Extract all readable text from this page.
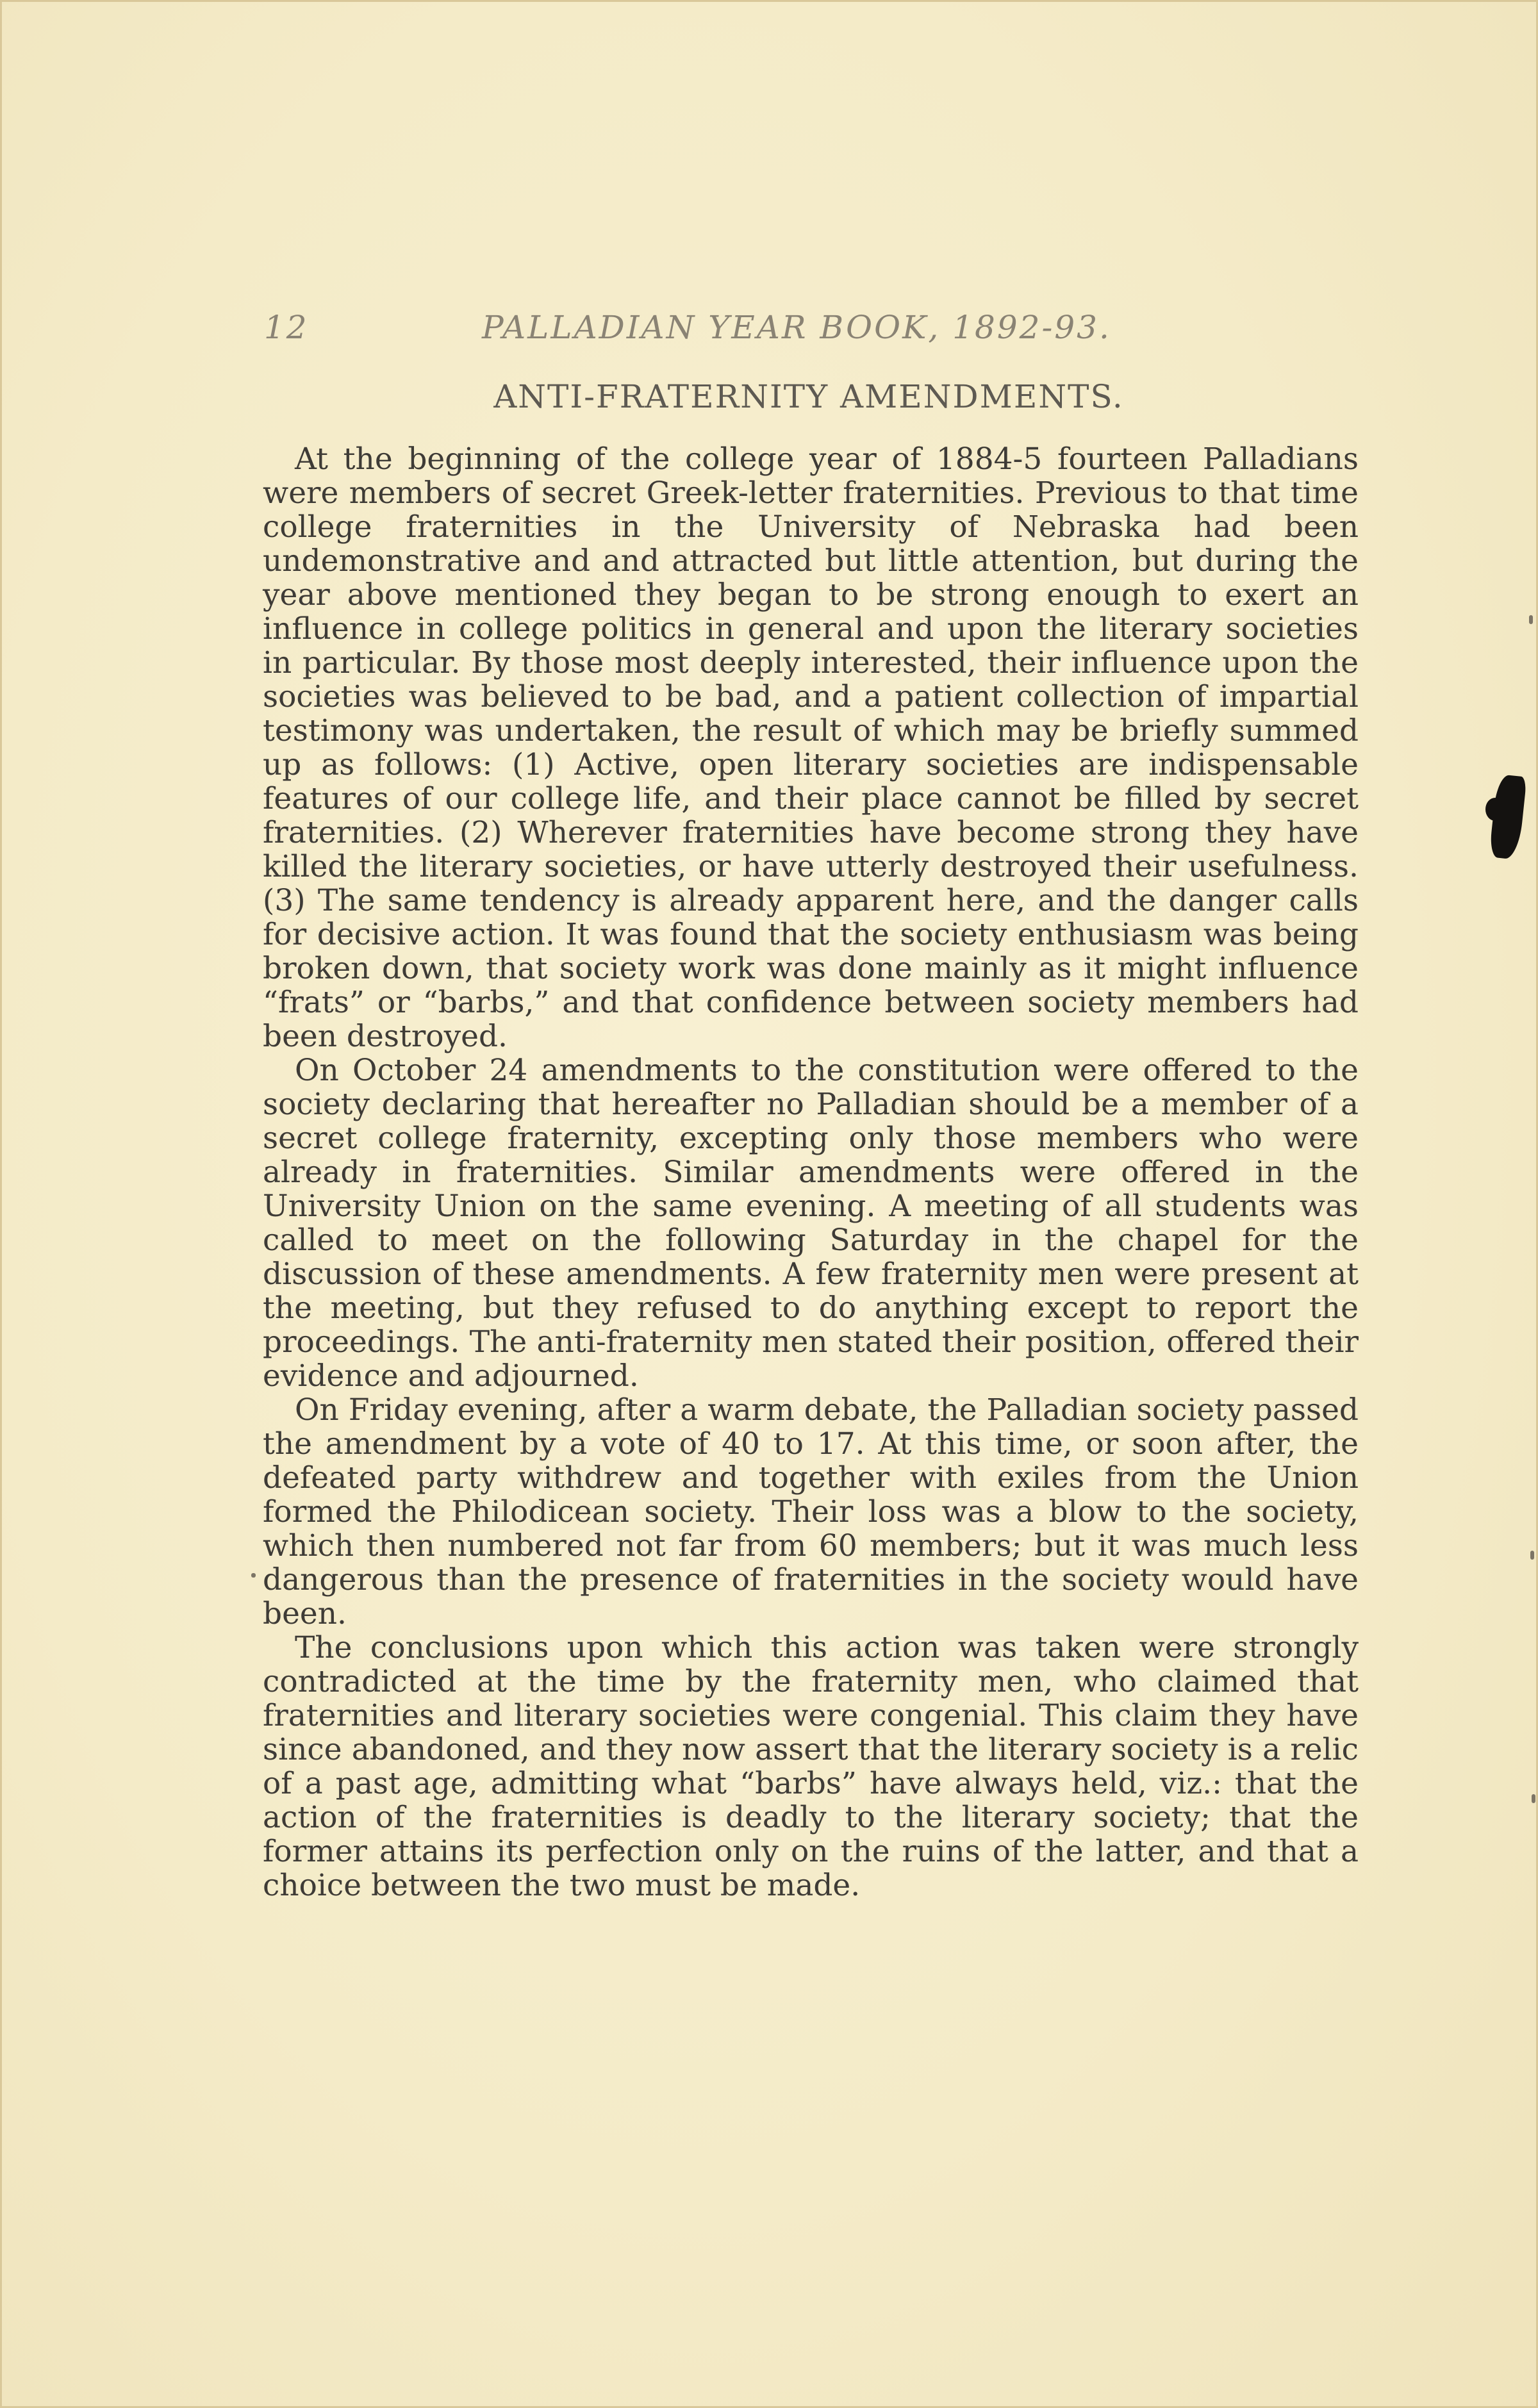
12	PALLADIAN YEAR BOOK, 1892-93.
ANTI-FRATERNITY AMENDMENTS.

At the beginning of the college year of 1884-5 fourteen Palladians were members of secret Greek-letter fraternities. Previous to that time college fraternities in the University of Nebraska had been undemonstrative and and attracted but little attention, but during the year above mentioned they began to be strong enough to exert an influence in college politics in general and upon the literary societies in particular. By those most deeply interested, their influence upon the societies was believed to be bad, and a patient collection of impartial testimony was undertaken, the result of which may be briefly summed up as follows: (1) Active, open literary societies are indispensable features of our college life, and their place cannot be filled by secret fraternities. (2) Wherever fraternities have become strong they have killed the literary societies, or have utterly destroyed their usefulness. (3) The same tendency is already apparent here, and the danger calls for decisive action. It was found that the society enthusiasm was being broken down, that society work was done mainly as it might influence “frats” or “barbs,” and that confidence between society members had been destroyed.

On October 24 amendments to the constitution were offered to the society declaring that hereafter no Palladian should be a member of a secret college fraternity, excepting only those members who were already in fraternities. Similar amendments were offered in the University Union on the same evening. A meeting of all students was called to meet on the following Saturday in the chapel for the discussion of these amendments. A few fraternity men were present at the meeting, but they refused to do anything except to report the proceedings. The anti-fraternity men stated their position, offered their evidence and adjourned.

On Friday evening, after a warm debate, the Palladian society passed the amendment by a vote of 40 to 17. At this time, or soon after, the defeated party withdrew and together with exiles from the Union formed the Philodicean society. Their loss was a blow to the society, which then numbered not far from 60 members; but it was much less dangerous than the presence of fraternities in the society would have been.

The conclusions upon which this action was taken were strongly contradicted at the time by the fraternity men, who claimed that fraternities and literary societies were congenial. This claim they have since abandoned, and they now assert that the literary society is a relic of a past age, admitting what “barbs” have always held, viz.: that the action of the fraternities is deadly to the literary society; that the former attains its perfection only on the ruins of the latter, and that a choice between the two must be made.
